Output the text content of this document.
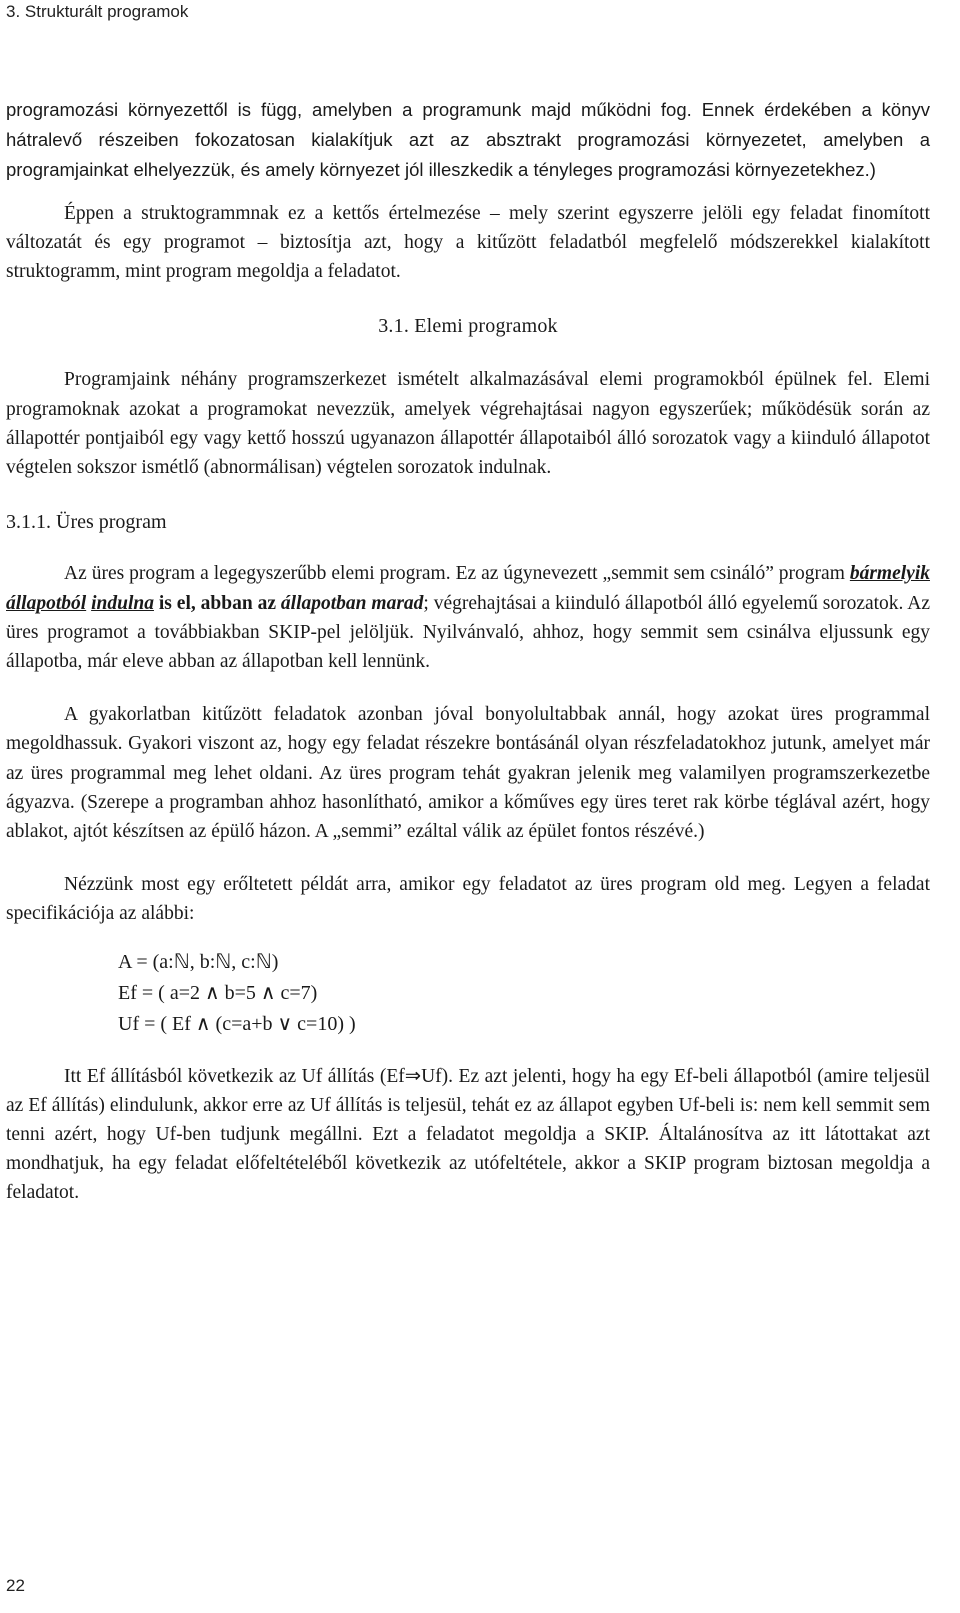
3. Strukturált programok

programozási környezettől is függ, amelyben a programunk majd működni fog. Ennek érdekében a könyv hátralevő részeiben fokozatosan kialakítjuk azt az absztrakt programozási környezetet, amelyben a programjainkat elhelyezzük, és amely környezet jól illeszkedik a tényleges programozási környezetekhez.)

Éppen a struktogrammnak ez a kettős értelmezése – mely szerint egyszerre jelöli egy feladat finomított változatát és egy programot – biztosítja azt, hogy a kitűzött feladatból megfelelő módszerekkel kialakított struktogramm, mint program megoldja a feladatot.

3.1. Elemi programok

Programjaink néhány programszerkezet ismételt alkalmazásával elemi programokból épülnek fel. Elemi programoknak azokat a programokat nevezzük, amelyek végrehajtásai nagyon egyszerűek; működésük során az állapottér pontjaiból egy vagy kettő hosszú ugyanazon állapottér állapotaiból álló sorozatok vagy a kiinduló állapotot végtelen sokszor ismétlő (abnormálisan) végtelen sorozatok indulnak.

3.1.1. Üres program

Az üres program a legegyszerűbb elemi program. Ez az úgynevezett „semmit sem csináló” program bármelyik állapotból indulna is el, abban az állapotban marad; végrehajtásai a kiinduló állapotból álló egyelemű sorozatok. Az üres programot a továbbiakban SKIP-pel jelöljük. Nyilvánvaló, ahhoz, hogy semmit sem csinálva eljussunk egy állapotba, már eleve abban az állapotban kell lennünk.

A gyakorlatban kitűzött feladatok azonban jóval bonyolultabbak annál, hogy azokat üres programmal megoldhassuk. Gyakori viszont az, hogy egy feladat részekre bontásánál olyan részfeladatokhoz jutunk, amelyet már az üres programmal meg lehet oldani. Az üres program tehát gyakran jelenik meg valamilyen programszerkezetbe ágyazva. (Szerepe a programban ahhoz hasonlítható, amikor a kőműves egy üres teret rak körbe téglával azért, hogy ablakot, ajtót készítsen az épülő házon. A „semmi” ezáltal válik az épület fontos részévé.)

Nézzünk most egy erőltetett példát arra, amikor egy feladatot az üres program old meg. Legyen a feladat specifikációja az alábbi:

A = (a:ℕ, b:ℕ, c:ℕ)
Ef = ( a=2 ∧ b=5 ∧ c=7)
Uf = ( Ef ∧ (c=a+b ∨ c=10) )

Itt Ef állításból következik az Uf állítás (Ef⇒Uf). Ez azt jelenti, hogy ha egy Ef-beli állapotból (amire teljesül az Ef állítás) elindulunk, akkor erre az Uf állítás is teljesül, tehát ez az állapot egyben Uf-beli is: nem kell semmit sem tenni azért, hogy Uf-ben tudjunk megállni. Ezt a feladatot megoldja a SKIP. Általánosítva az itt látottakat azt mondhatjuk, ha egy feladat előfeltételéből következik az utófeltétele, akkor a SKIP program biztosan megoldja a feladatot.

22
